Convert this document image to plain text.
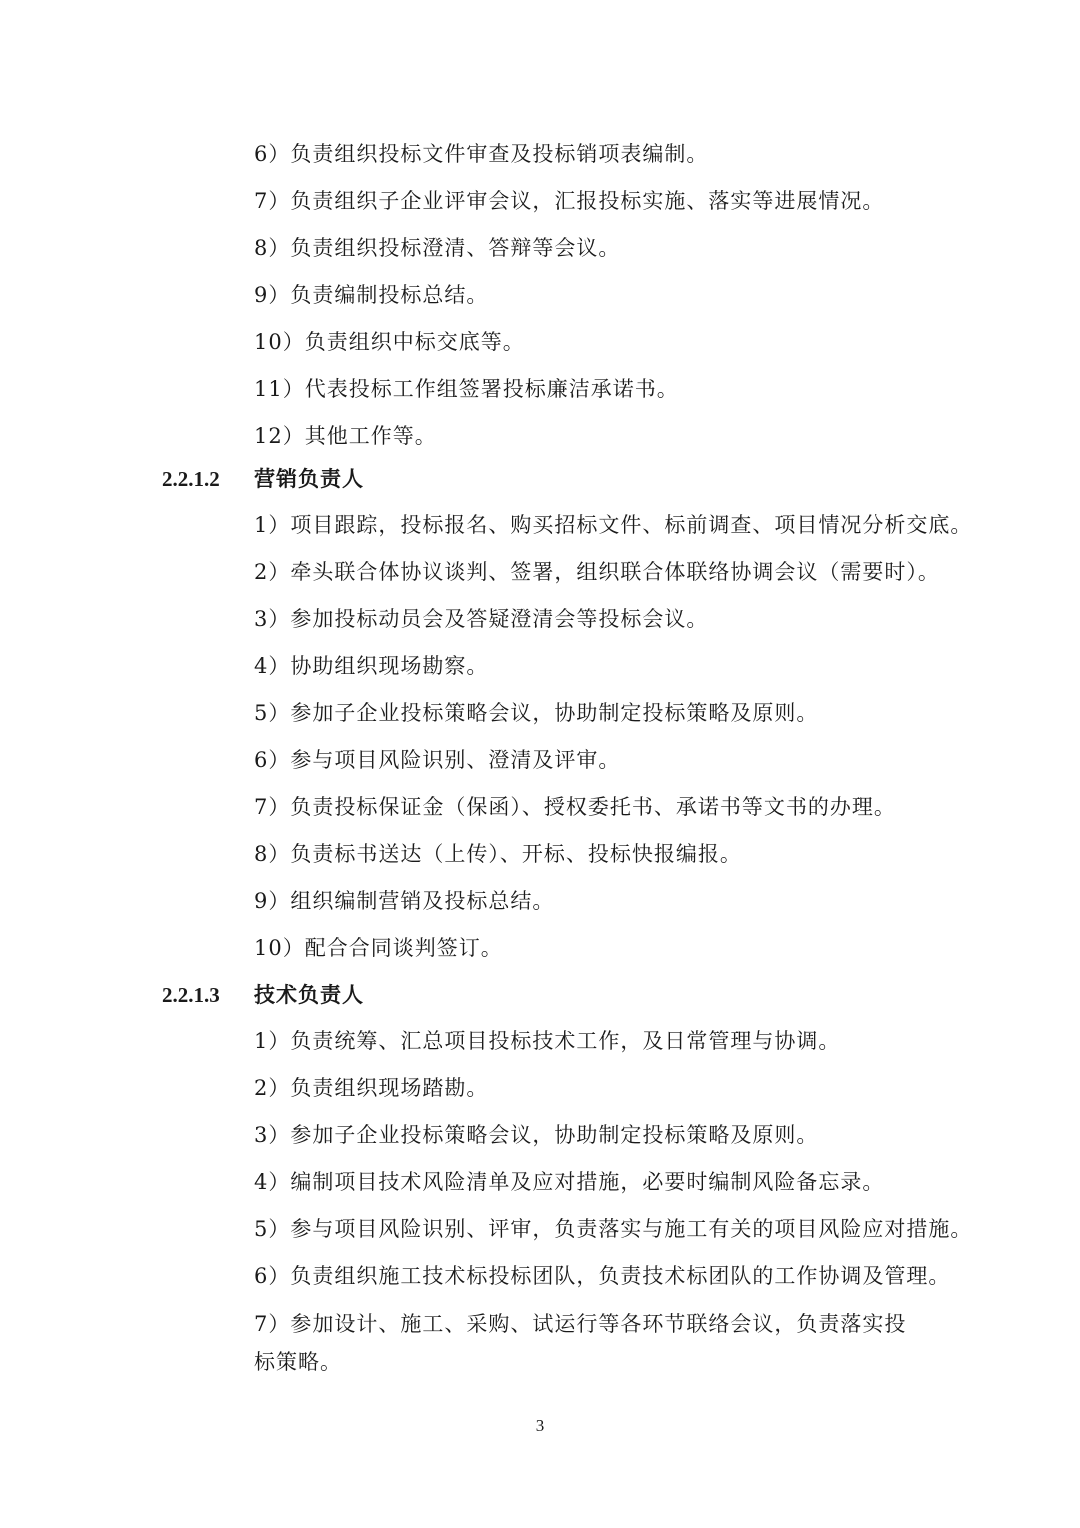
6）负责组织投标文件审查及投标销项表编制。
7）负责组织子企业评审会议，汇报投标实施、落实等进展情况。
8）负责组织投标澄清、答辩等会议。
9）负责编制投标总结。
10）负责组织中标交底等。
11）代表投标工作组签署投标廉洁承诺书。
12）其他工作等。
2.2.1.2 营销负责人
1）项目跟踪，投标报名、购买招标文件、标前调查、项目情况分析交底。
2）牵头联合体协议谈判、签署，组织联合体联络协调会议（需要时）。
3）参加投标动员会及答疑澄清会等投标会议。
4）协助组织现场勘察。
5）参加子企业投标策略会议，协助制定投标策略及原则。
6）参与项目风险识别、澄清及评审。
7）负责投标保证金（保函）、授权委托书、承诺书等文书的办理。
8）负责标书送达（上传）、开标、投标快报编报。
9）组织编制营销及投标总结。
10）配合合同谈判签订。
2.2.1.3 技术负责人
1）负责统筹、汇总项目投标技术工作，及日常管理与协调。
2）负责组织现场踏勘。
3）参加子企业投标策略会议，协助制定投标策略及原则。
4）编制项目技术风险清单及应对措施，必要时编制风险备忘录。
5）参与项目风险识别、评审，负责落实与施工有关的项目风险应对措施。
6）负责组织施工技术标投标团队，负责技术标团队的工作协调及管理。
7）参加设计、施工、采购、试运行等各环节联络会议，负责落实投标策略。
3
